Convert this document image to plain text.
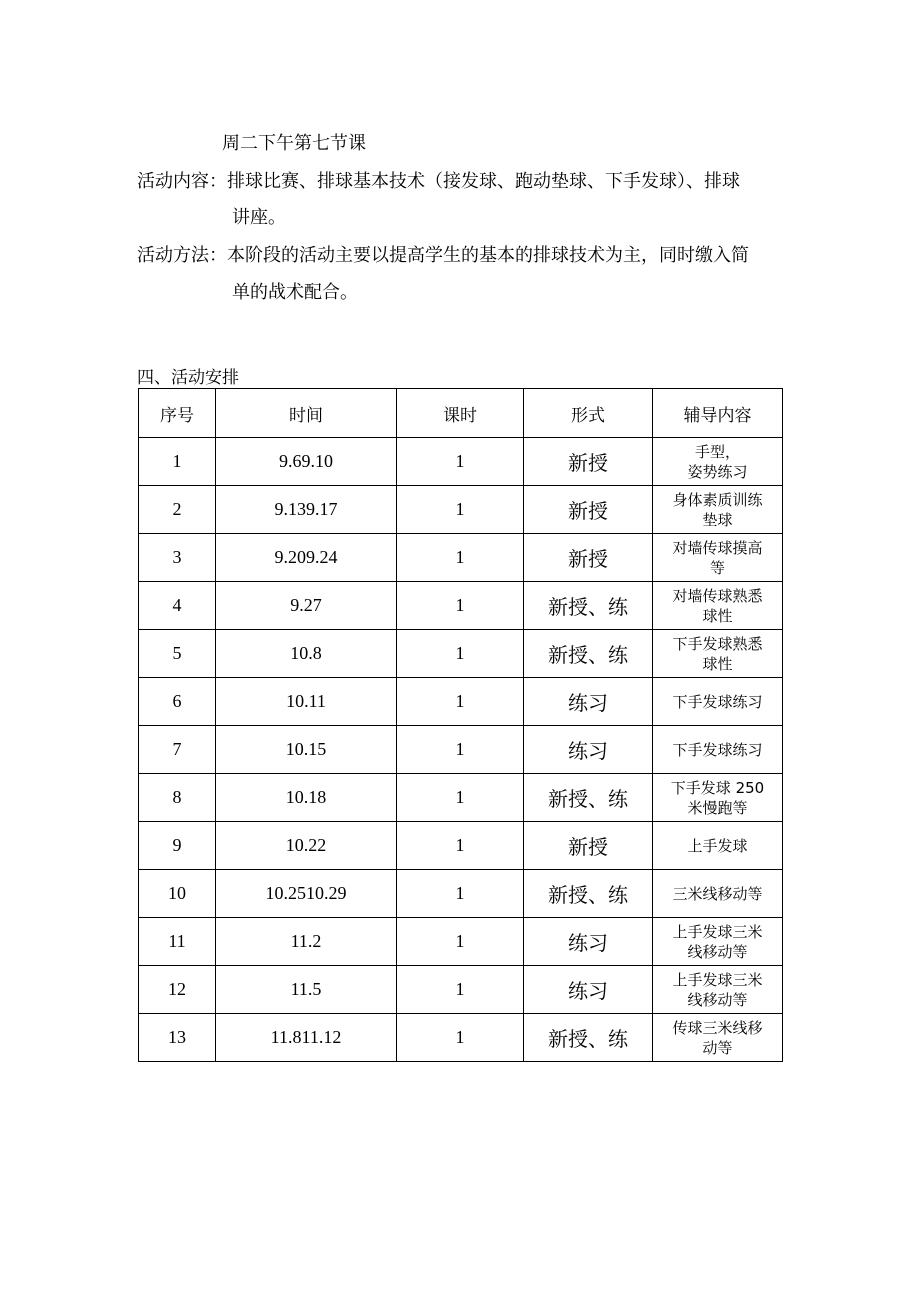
周二下午第七节课
活动内容：排球比赛、排球基本技术（接发球、跑动垫球、下手发球）、排球
讲座。
活动方法：本阶段的活动主要以提高学生的基本的排球技术为主，同时缴入简
单的战术配合。
四、活动安排
序号	时间	课时	形式	辅导内容
1	9.69.10	1	新授	手型，
姿势练习
2	9.139.17	1	新授	身体素质训练
垫球
3	9.209.24	1	新授	对墙传球摸高
等
4	9.27	1	新授、练	对墙传球熟悉
球性
5	10.8	1	新授、练	下手发球熟悉
球性
6	10.11	1	练习	下手发球练习
7	10.15	1	练习	下手发球练习
8	10.18	1	新授、练	下手发球 250
米慢跑等
9	10.22	1	新授	上手发球
10	10.2510.29	1	新授、练	三米线移动等
11	11.2	1	练习	上手发球三米
线移动等
12	11.5	1	练习	上手发球三米
线移动等
13	11.811.12	1	新授、练	传球三米线移
动等
